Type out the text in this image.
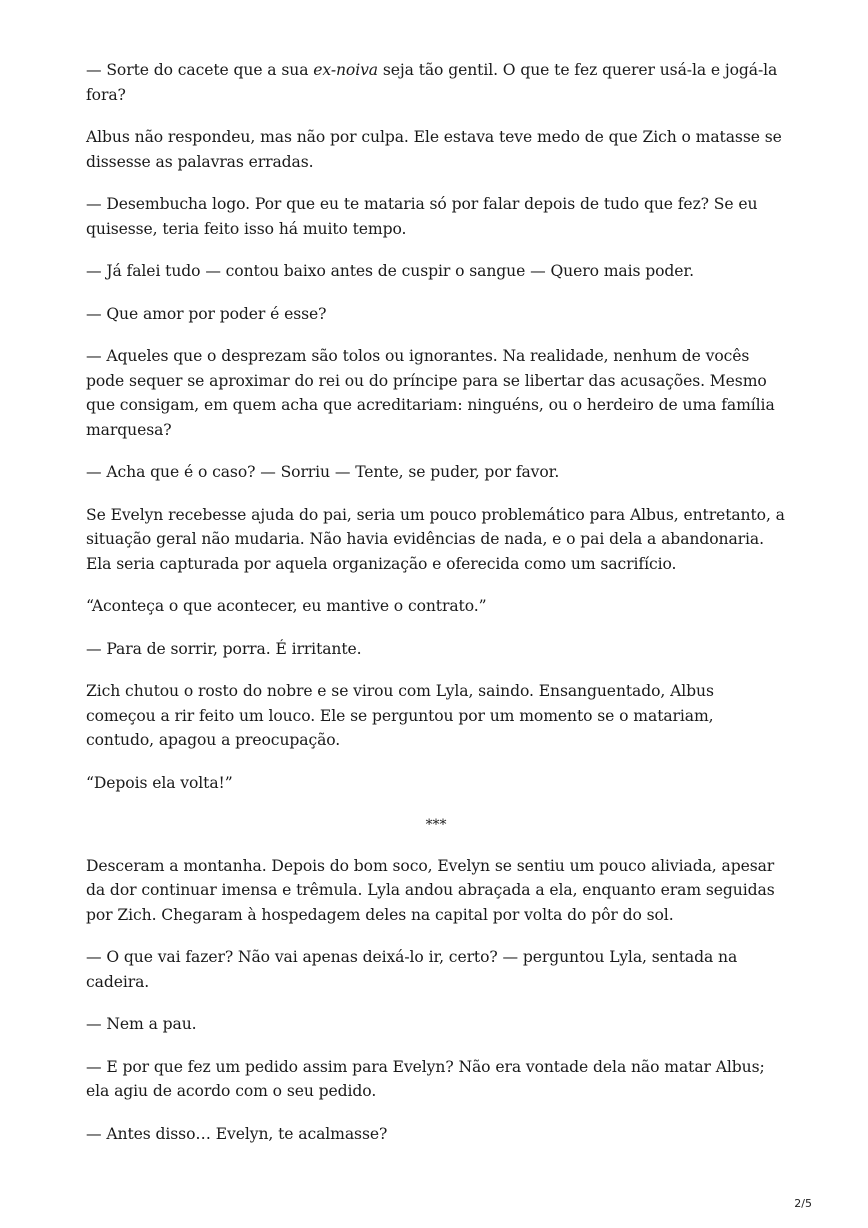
— Sorte do cacete que a sua ex-noiva seja tão gentil. O que te fez querer usá-la e jogá-la fora?

Albus não respondeu, mas não por culpa. Ele estava teve medo de que Zich o matasse se dissesse as palavras erradas.

— Desembucha logo. Por que eu te mataria só por falar depois de tudo que fez? Se eu quisesse, teria feito isso há muito tempo.

— Já falei tudo — contou baixo antes de cuspir o sangue — Quero mais poder.

— Que amor por poder é esse?

— Aqueles que o desprezam são tolos ou ignorantes. Na realidade, nenhum de vocês pode sequer se aproximar do rei ou do príncipe para se libertar das acusações. Mesmo que consigam, em quem acha que acreditariam: ninguéns, ou o herdeiro de uma família marquesa?

— Acha que é o caso? — Sorriu — Tente, se puder, por favor.

Se Evelyn recebesse ajuda do pai, seria um pouco problemático para Albus, entretanto, a situação geral não mudaria. Não havia evidências de nada, e o pai dela a abandonaria. Ela seria capturada por aquela organização e oferecida como um sacrifício.

“Aconteça o que acontecer, eu mantive o contrato.”

— Para de sorrir, porra. É irritante.

Zich chutou o rosto do nobre e se virou com Lyla, saindo. Ensanguentado, Albus começou a rir feito um louco. Ele se perguntou por um momento se o matariam, contudo, apagou a preocupação.

“Depois ela volta!”

***

Desceram a montanha. Depois do bom soco, Evelyn se sentiu um pouco aliviada, apesar da dor continuar imensa e trêmula. Lyla andou abraçada a ela, enquanto eram seguidas por Zich. Chegaram à hospedagem deles na capital por volta do pôr do sol.

— O que vai fazer? Não vai apenas deixá-lo ir, certo? — perguntou Lyla, sentada na cadeira.

— Nem a pau.

— E por que fez um pedido assim para Evelyn? Não era vontade dela não matar Albus; ela agiu de acordo com o seu pedido.

— Antes disso… Evelyn, te acalmasse?

2/5
